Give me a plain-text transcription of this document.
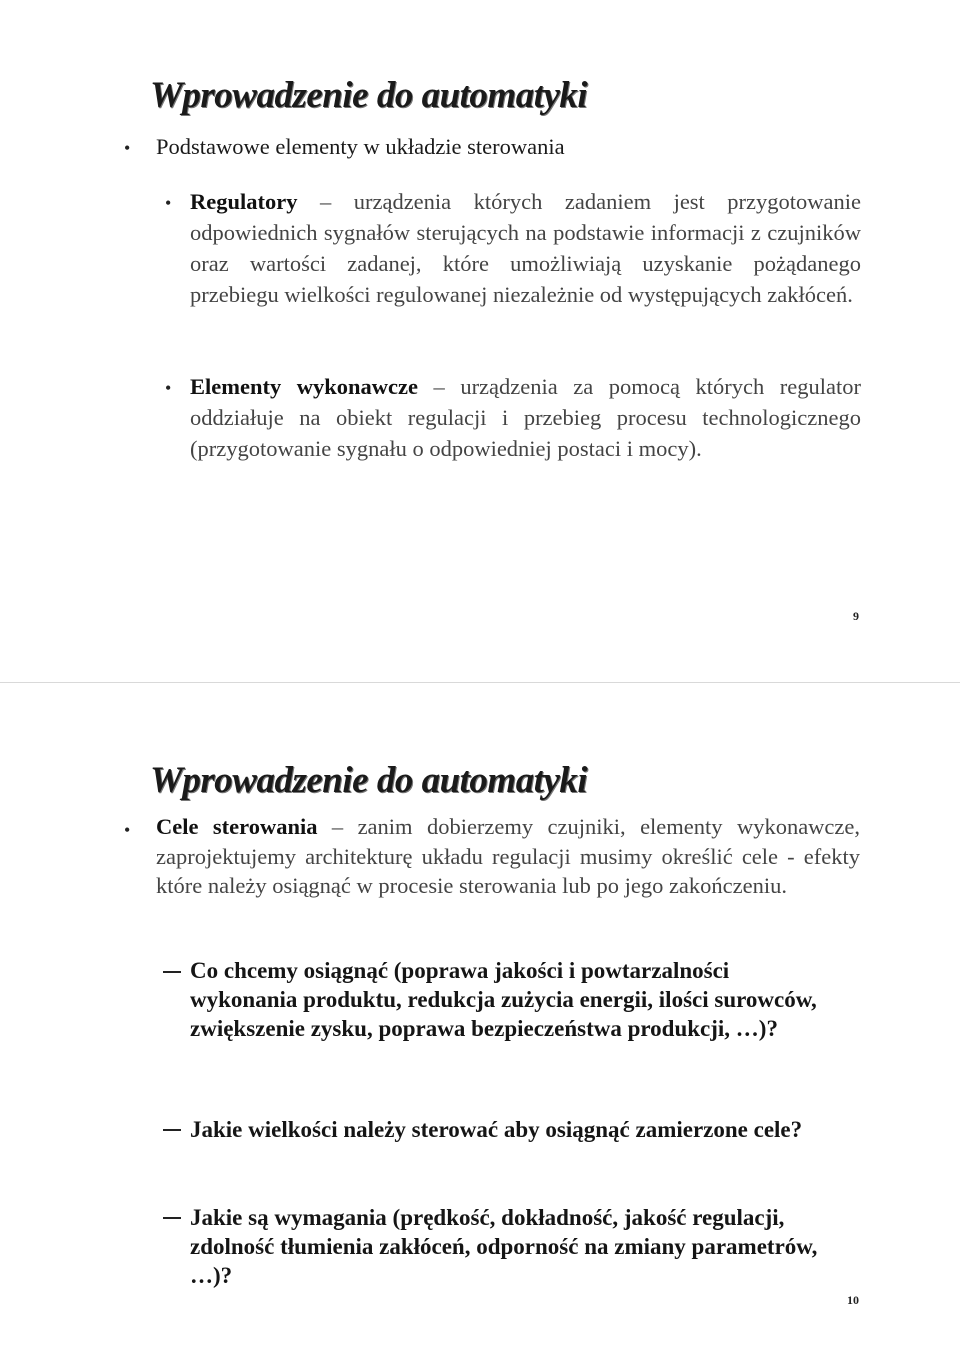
Wprowadzenie do automatyki
• Podstawowe elementy w układzie sterowania
• Regulatory – urządzenia których zadaniem jest przygotowanie odpowiednich sygnałów sterujących na podstawie informacji z czujników oraz wartości zadanej, które umożliwiają uzyskanie pożądanego przebiegu wielkości regulowanej niezależnie od występujących zakłóceń.
• Elementy wykonawcze – urządzenia za pomocą których regulator oddziałuje na obiekt regulacji i przebieg procesu technologicznego (przygotowanie sygnału o odpowiedniej postaci i mocy).
9
Wprowadzenie do automatyki
• Cele sterowania – zanim dobierzemy czujniki, elementy wykonawcze, zaprojektujemy architekturę układu regulacji musimy określić cele - efekty które należy osiągnąć w procesie sterowania lub po jego zakończeniu.
Co chcemy osiągnąć (poprawa jakości i powtarzalności wykonania produktu, redukcja zużycia energii, ilości surowców, zwiększenie zysku, poprawa bezpieczeństwa produkcji, …)?
Jakie wielkości należy sterować aby osiągnąć zamierzone cele?
Jakie są wymagania (prędkość, dokładność, jakość regulacji, zdolność tłumienia zakłóceń, odporność na zmiany parametrów, …)?
10
